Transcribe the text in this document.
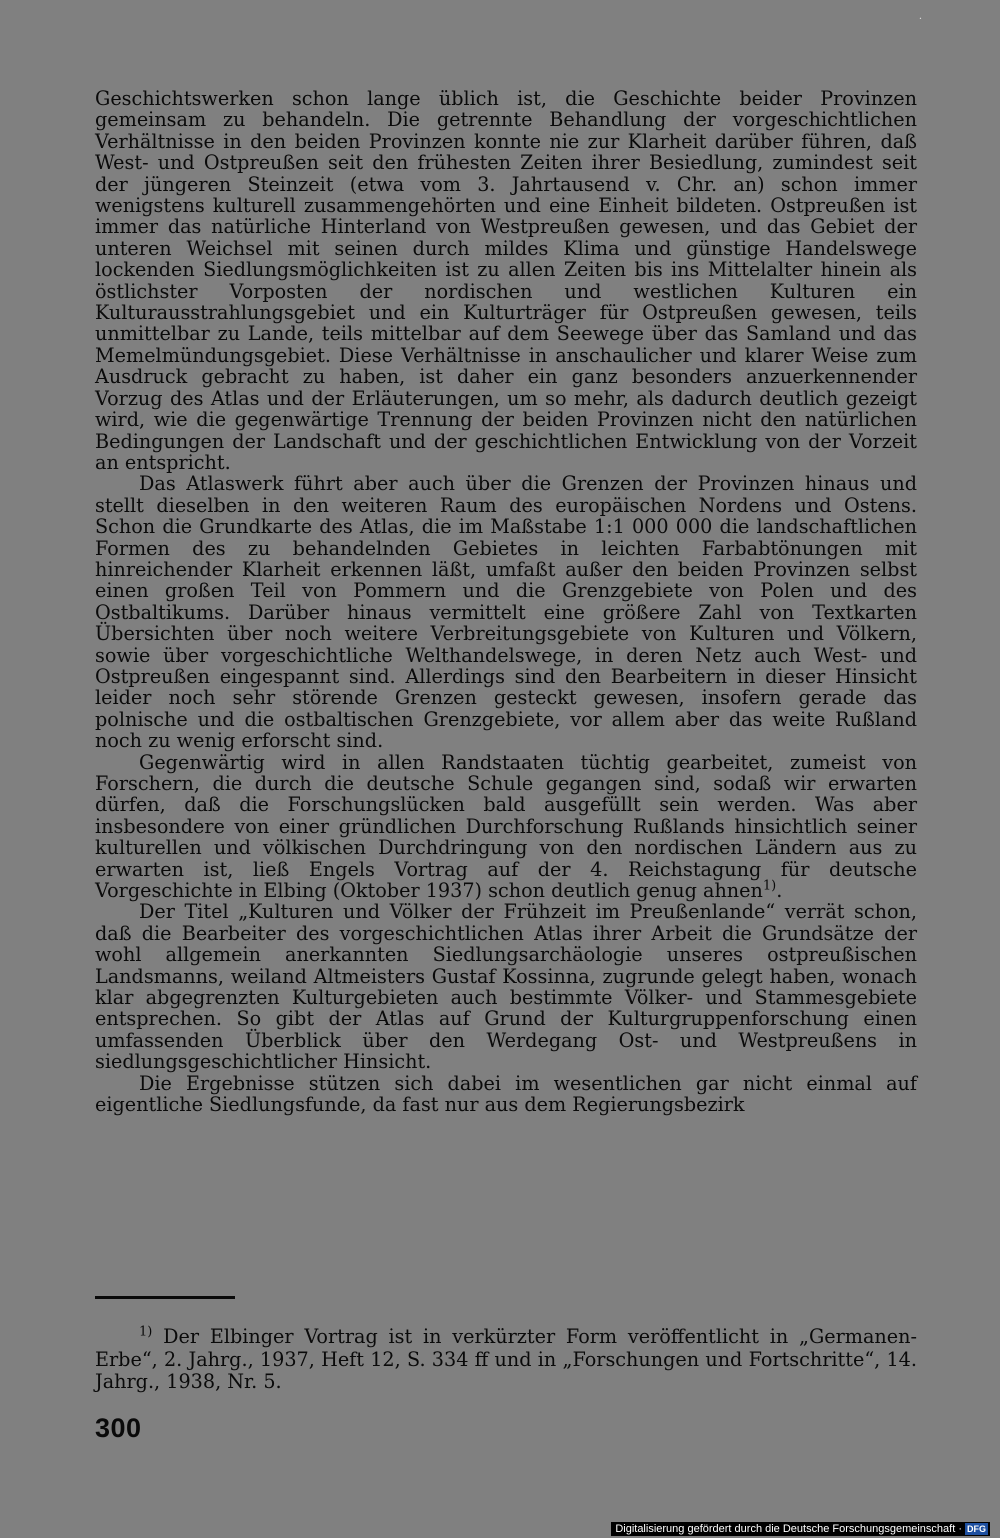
·

Geschichtswerken schon lange üblich ist, die Geschichte beider Provinzen gemeinsam zu behandeln. Die getrennte Behandlung der vorgeschichtlichen Verhältnisse in den beiden Provinzen konnte nie zur Klarheit darüber führen, daß West- und Ostpreußen seit den frühesten Zeiten ihrer Besiedlung, zumindest seit der jüngeren Steinzeit (etwa vom 3. Jahrtausend v. Chr. an) schon immer wenigstens kulturell zusammengehörten und eine Einheit bildeten. Ostpreußen ist immer das natürliche Hinterland von Westpreußen gewesen, und das Gebiet der unteren Weichsel mit seinen durch mildes Klima und günstige Handelswege lockenden Siedlungsmöglichkeiten ist zu allen Zeiten bis ins Mittelalter hinein als östlichster Vorposten der nordischen und westlichen Kulturen ein Kulturausstrahlungsgebiet und ein Kulturträger für Ostpreußen gewesen, teils unmittelbar zu Lande, teils mittelbar auf dem Seewege über das Samland und das Memelmündungsgebiet. Diese Verhältnisse in anschaulicher und klarer Weise zum Ausdruck gebracht zu haben, ist daher ein ganz besonders anzuerkennender Vorzug des Atlas und der Erläuterungen, um so mehr, als dadurch deutlich gezeigt wird, wie die gegenwärtige Trennung der beiden Provinzen nicht den natürlichen Bedingungen der Landschaft und der geschichtlichen Entwicklung von der Vorzeit an entspricht.

Das Atlaswerk führt aber auch über die Grenzen der Provinzen hinaus und stellt dieselben in den weiteren Raum des europäischen Nordens und Ostens. Schon die Grundkarte des Atlas, die im Maßstabe 1:1 000 000 die landschaftlichen Formen des zu behandelnden Gebietes in leichten Farbabtönungen mit hinreichender Klarheit erkennen läßt, umfaßt außer den beiden Provinzen selbst einen großen Teil von Pommern und die Grenzgebiete von Polen und des Ostbaltikums. Darüber hinaus vermittelt eine größere Zahl von Textkarten Übersichten über noch weitere Verbreitungsgebiete von Kulturen und Völkern, sowie über vorgeschichtliche Welthandelswege, in deren Netz auch West- und Ostpreußen eingespannt sind. Allerdings sind den Bearbeitern in dieser Hinsicht leider noch sehr störende Grenzen gesteckt gewesen, insofern gerade das polnische und die ostbaltischen Grenzgebiete, vor allem aber das weite Rußland noch zu wenig erforscht sind.

Gegenwärtig wird in allen Randstaaten tüchtig gearbeitet, zumeist von Forschern, die durch die deutsche Schule gegangen sind, sodaß wir erwarten dürfen, daß die Forschungslücken bald ausgefüllt sein werden. Was aber insbesondere von einer gründlichen Durchforschung Rußlands hinsichtlich seiner kulturellen und völkischen Durchdringung von den nordischen Ländern aus zu erwarten ist, ließ Engels Vortrag auf der 4. Reichstagung für deutsche Vorgeschichte in Elbing (Oktober 1937) schon deutlich genug ahnen$^{1)}$.

Der Titel „Kulturen und Völker der Frühzeit im Preußenlande“ verrät schon, daß die Bearbeiter des vorgeschichtlichen Atlas ihrer Arbeit die Grundsätze der wohl allgemein anerkannten Siedlungsarchäologie unseres ostpreußischen Landsmanns, weiland Altmeisters Gustaf Kossinna, zugrunde gelegt haben, wonach klar abgegrenzten Kulturgebieten auch bestimmte Völker- und Stammesgebiete entsprechen. So gibt der Atlas auf Grund der Kulturgruppenforschung einen umfassenden Überblick über den Werdegang Ost- und Westpreußens in siedlungsgeschichtlicher Hinsicht.

Die Ergebnisse stützen sich dabei im wesentlichen gar nicht einmal auf eigentliche Siedlungsfunde, da fast nur aus dem Regierungsbezirk

$^{1)}$ Der Elbinger Vortrag ist in verkürzter Form veröffentlicht in „Germanen-Erbe“, 2. Jahrg., 1937, Heft 12, S. 334 ff und in „Forschungen und Fortschritte“, 14. Jahrg., 1938, Nr. 5.
300
Digitalisierung gefördert durch die Deutsche Forschungsgemeinschaft · DFG
